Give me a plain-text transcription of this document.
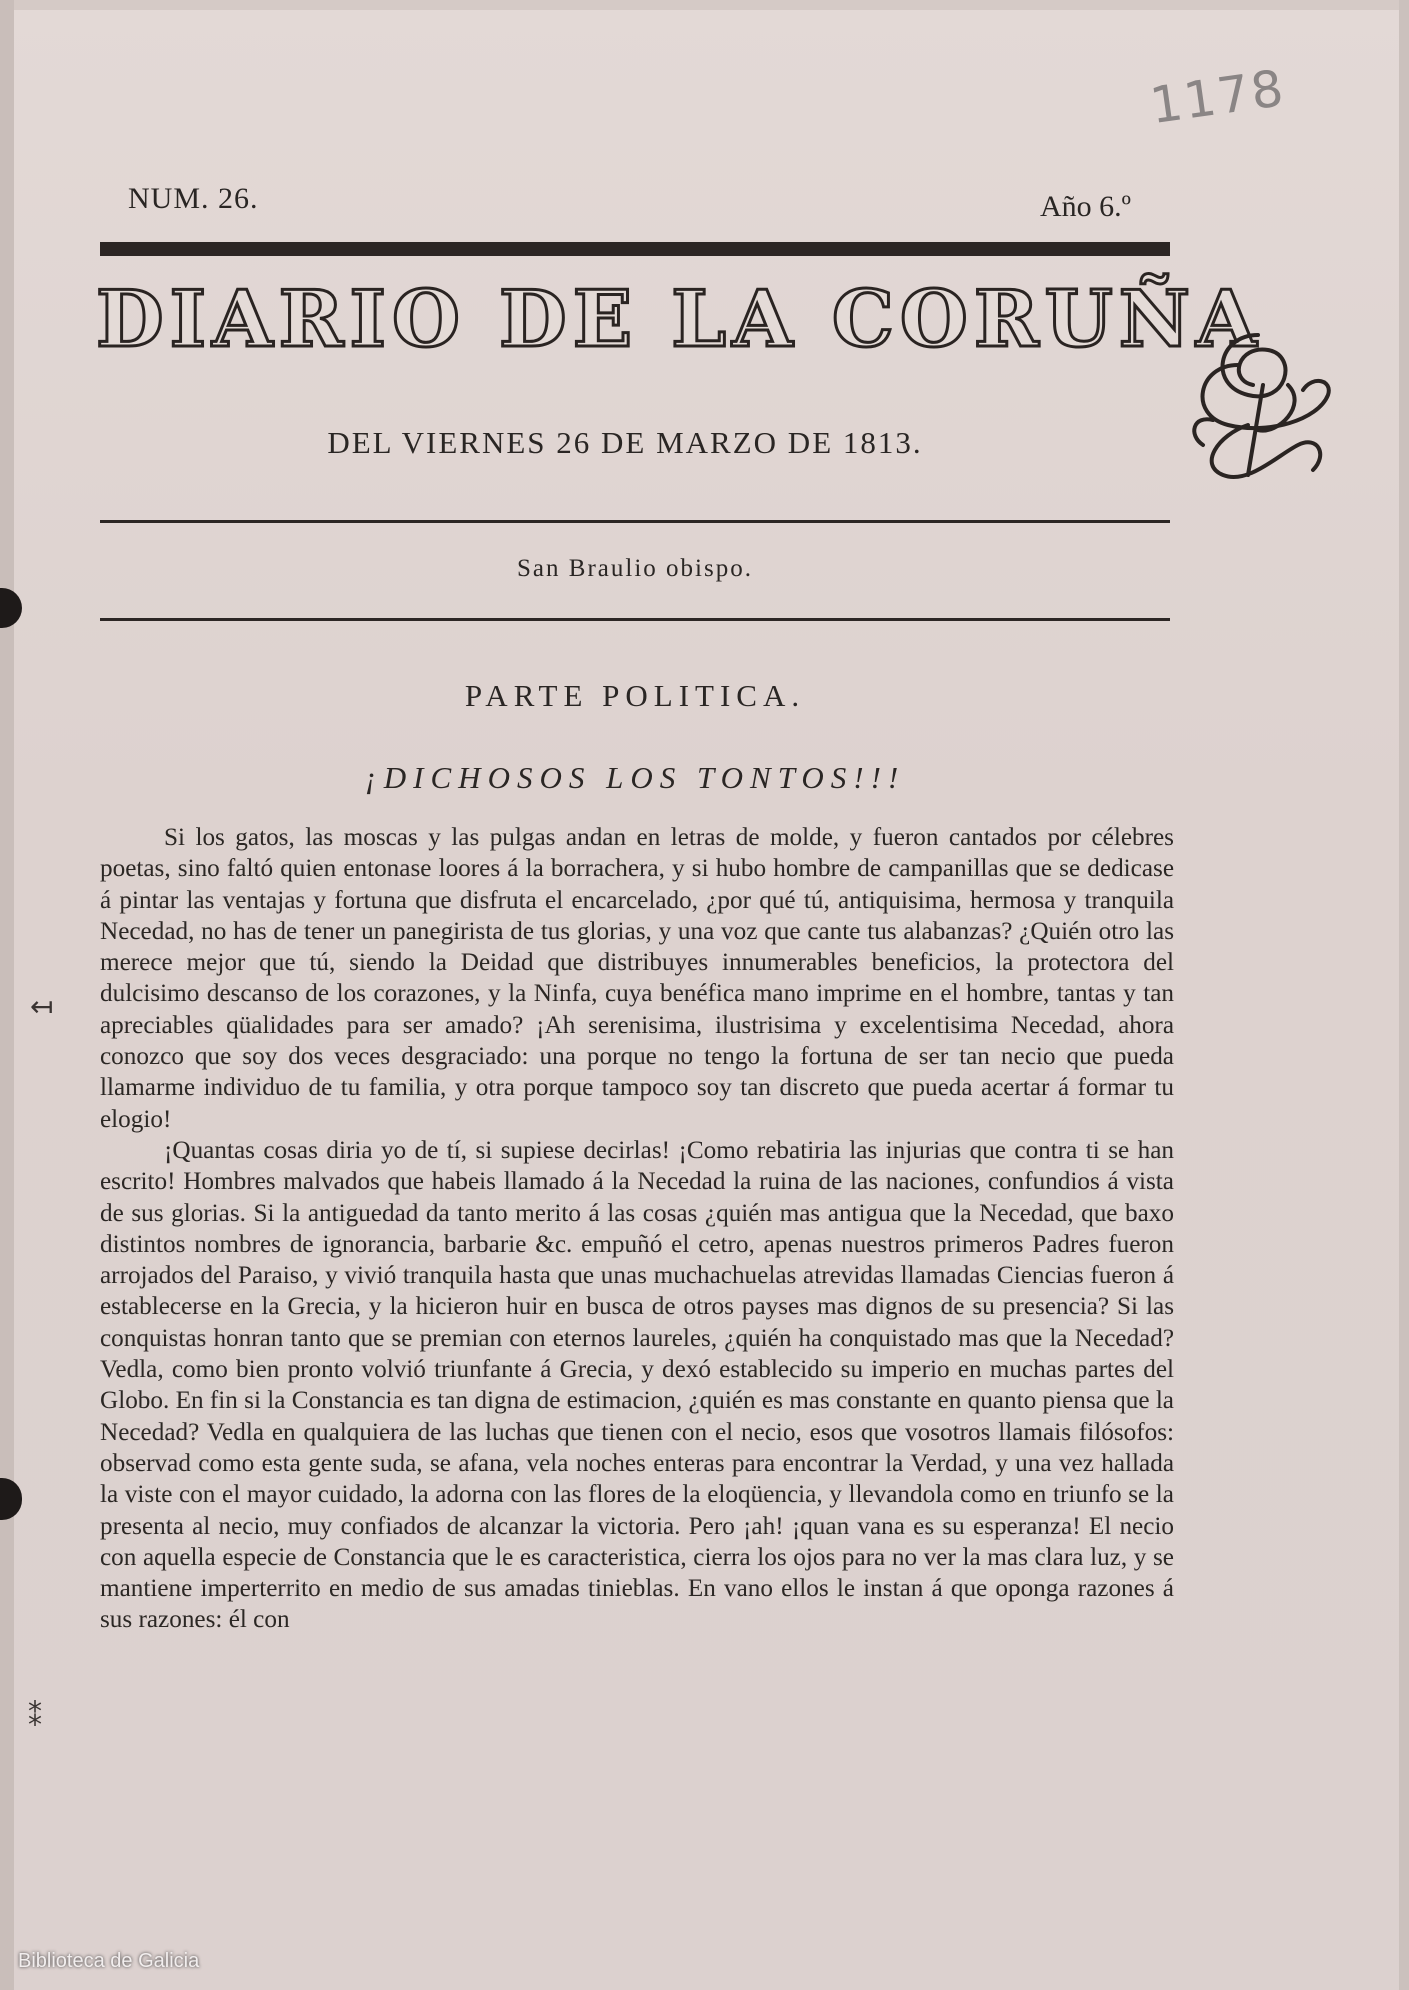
1178
NUM. 26.	Año 6.º
DIARIO DE LA CORUÑA
DEL VIERNES 26 DE MARZO DE 1813.
San Braulio obispo.
PARTE POLITICA.
¡DICHOSOS LOS TONTOS!!!

Si los gatos, las moscas y las pulgas andan en letras de molde, y fueron cantados por célebres poetas, sino faltó quien entonase loores á la borrachera, y si hubo hombre de campanillas que se dedicase á pintar las ventajas y fortuna que disfruta el encarcelado, ¿por qué tú, antiquisima, hermosa y tranquila Necedad, no has de tener un panegirista de tus glorias, y una voz que cante tus alabanzas? ¿Quién otro las merece mejor que tú, siendo la Deidad que distribuyes innumerables beneficios, la protectora del dulcisimo descanso de los corazones, y la Ninfa, cuya benéfica mano imprime en el hombre, tantas y tan apreciables qüalidades para ser amado? ¡Ah serenisima, ilustrisima y excelentisima Necedad, ahora conozco que soy dos veces desgraciado: una porque no tengo la fortuna de ser tan necio que pueda llamarme individuo de tu familia, y otra porque tampoco soy tan discreto que pueda acertar á formar tu elogio!

¡Quantas cosas diria yo de tí, si supiese decirlas! ¡Como rebatiria las injurias que contra ti se han escrito! Hombres malvados que habeis llamado á la Necedad la ruina de las naciones, confundios á vista de sus glorias. Si la antiguedad da tanto merito á las cosas ¿quién mas antigua que la Necedad, que baxo distintos nombres de ignorancia, barbarie &c. empuñó el cetro, apenas nuestros primeros Padres fueron arrojados del Paraiso, y vivió tranquila hasta que unas muchachuelas atrevidas llamadas Ciencias fueron á establecerse en la Grecia, y la hicieron huir en busca de otros payses mas dignos de su presencia? Si las conquistas honran tanto que se premian con eternos laureles, ¿quién ha conquistado mas que la Necedad? Vedla, como bien pronto volvió triunfante á Grecia, y dexó establecido su imperio en muchas partes del Globo. En fin si la Constancia es tan digna de estimacion, ¿quién es mas constante en quanto piensa que la Necedad? Vedla en qualquiera de las luchas que tienen con el necio, esos que vosotros llamais filósofos: observad como esta gente suda, se afana, vela noches enteras para encontrar la Verdad, y una vez hallada la viste con el mayor cuidado, la adorna con las flores de la eloqüencia, y llevandola como en triunfo se la presenta al necio, muy confiados de alcanzar la victoria. Pero ¡ah! ¡quan vana es su esperanza! El necio con aquella especie de Constancia que le es caracteristica, cierra los ojos para no ver la mas clara luz, y se mantiene imperterrito en medio de sus amadas tinieblas. En vano ellos le instan á que oponga razones á sus razones: él con

↤
⁑
Biblioteca de Galicia
